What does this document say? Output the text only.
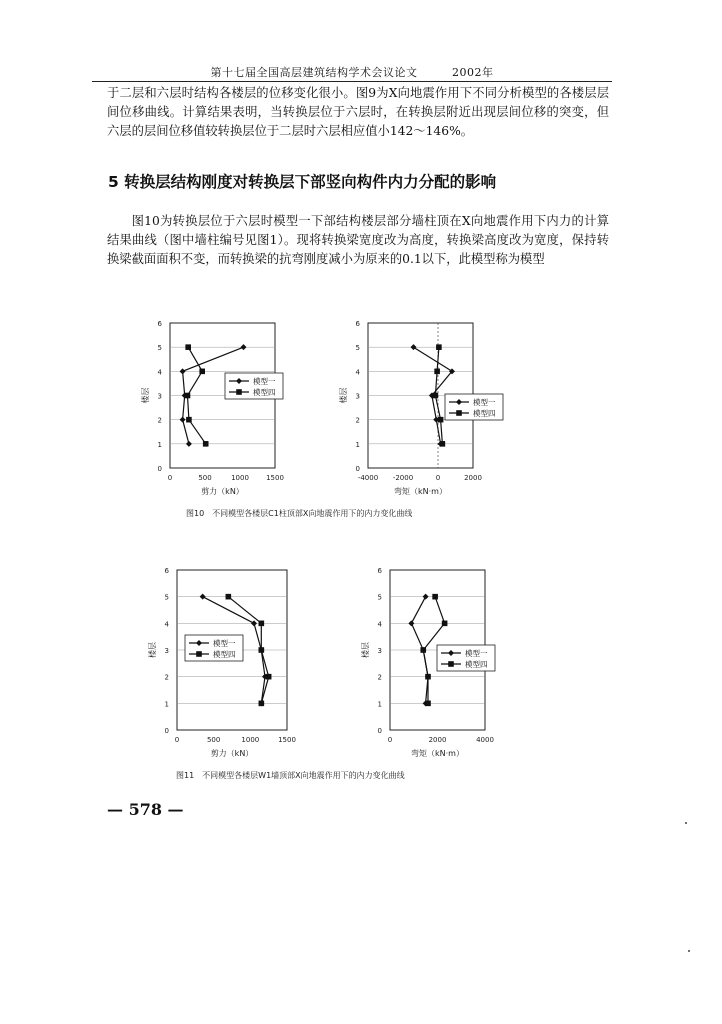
第十七届全国高层建筑结构学术会议论文　　　2002年

于二层和六层时结构各楼层的位移变化很小。图9为X向地震作用下不同分析模型的各楼层层间位移曲线。计算结果表明，当转换层位于六层时，在转换层附近出现层间位移的突变，但六层的层间位移值较转换层位于二层时六层相应值小142～146%。

5 转换层结构刚度对转换层下部竖向构件内力分配的影响

图10为转换层位于六层时模型一下部结构楼层部分墙柱顶在X向地震作用下内力的计算结果曲线（图中墙柱编号见图1）。现将转换梁宽度改为高度，转换梁高度改为宽度，保持转换梁截面面积不变，而转换梁的抗弯刚度减小为原来的0.1以下，此模型称为模型

0
1
2
3
4
5
6
0	500	1000 1500
剪力（kN）
楼层
模型一
模型四
0
1
2
3
4
5
6
-4000 -2000	0	2000
弯矩（kN·m）
楼层	模型一
模型四
图10　不同模型各楼层C1柱顶部X向地震作用下的内力变化曲线
0
1
2
3
4
5
6
0	500	1000	1500
剪力（kN）
楼层	模型一
模型四
0
1
2
3
4
5
6
0	2000	4000
弯矩（kN·m）
楼层	模型一
模型四
图11　不同模型各楼层W1墙顶部X向地震作用下的内力变化曲线
— 578 —
